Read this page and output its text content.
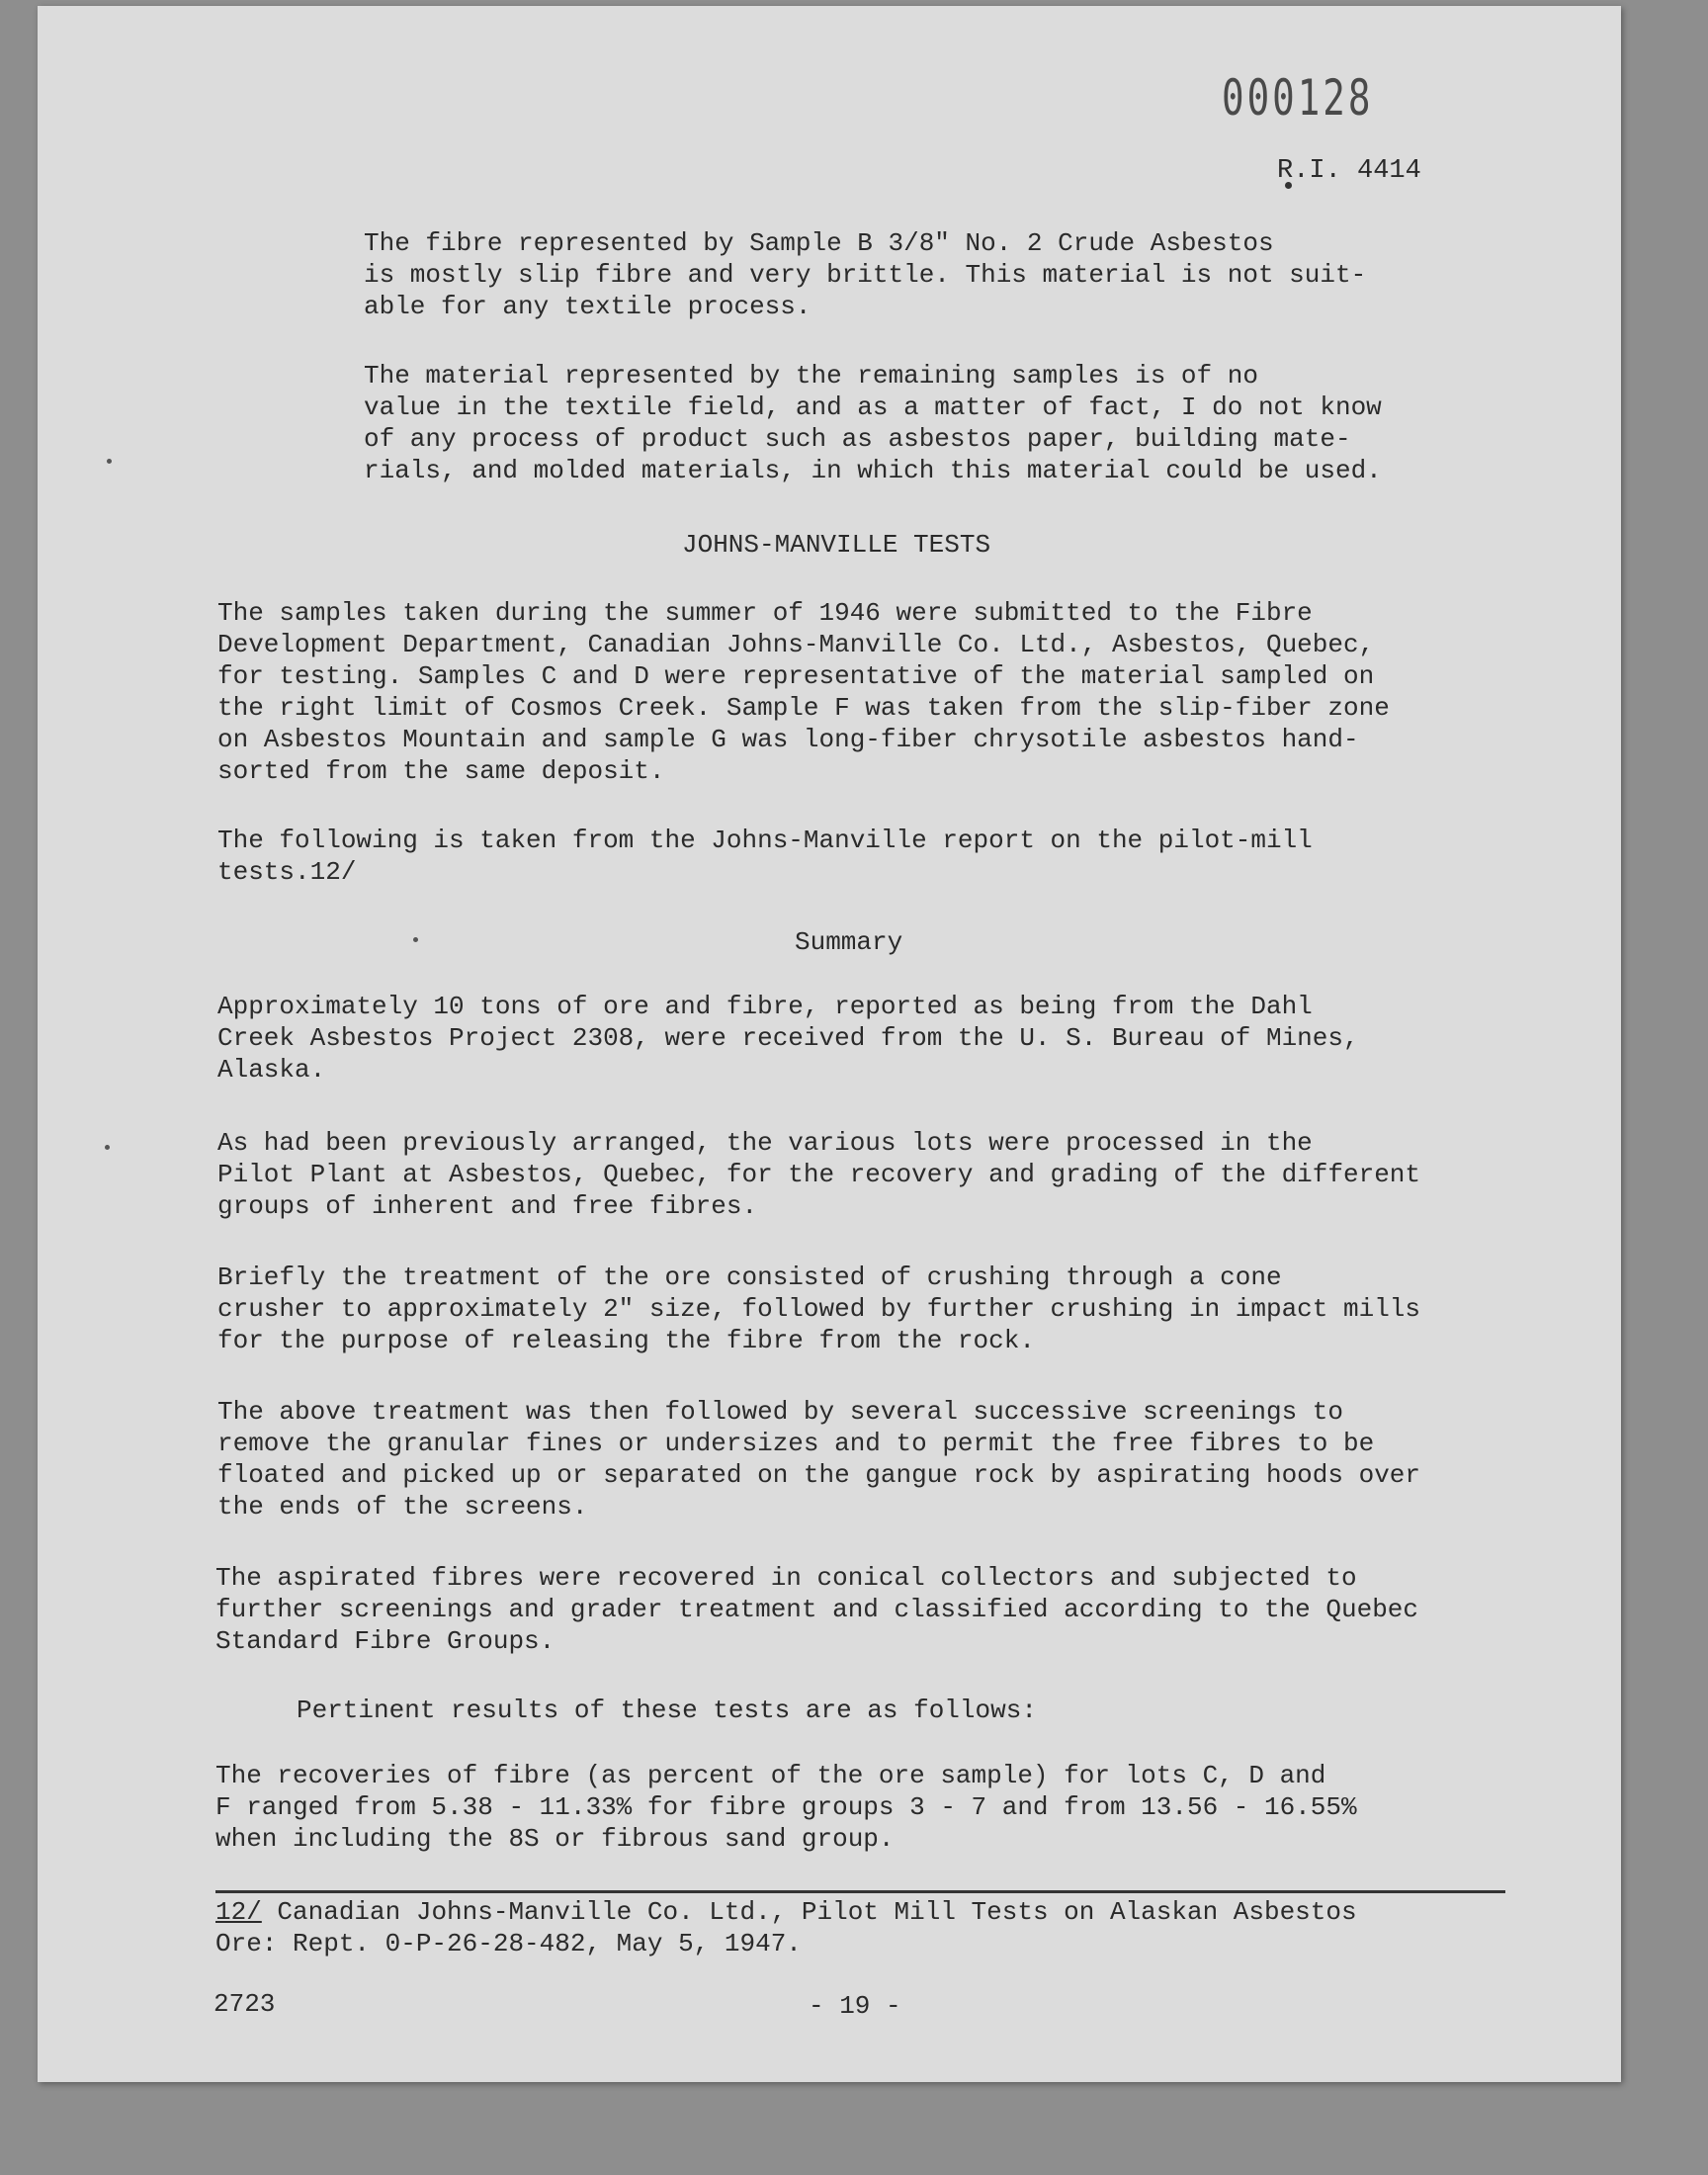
000128
R.I. 4414

The fibre represented by Sample B 3/8" No. 2 Crude Asbestos
is mostly slip fibre and very brittle. This material is not suit-
able for any textile process.

The material represented by the remaining samples is of no
value in the textile field, and as a matter of fact, I do not know
of any process of product such as asbestos paper, building mate-
rials, and molded materials, in which this material could be used.

JOHNS-MANVILLE TESTS

The samples taken during the summer of 1946 were submitted to the Fibre
Development Department, Canadian Johns-Manville Co. Ltd., Asbestos, Quebec,
for testing. Samples C and D were representative of the material sampled on
the right limit of Cosmos Creek. Sample F was taken from the slip-fiber zone
on Asbestos Mountain and sample G was long-fiber chrysotile asbestos hand-
sorted from the same deposit.

The following is taken from the Johns-Manville report on the pilot-mill
tests.12/

Summary

Approximately 10 tons of ore and fibre, reported as being from the Dahl
Creek Asbestos Project 2308, were received from the U. S. Bureau of Mines,
Alaska.

As had been previously arranged, the various lots were processed in the
Pilot Plant at Asbestos, Quebec, for the recovery and grading of the different
groups of inherent and free fibres.

Briefly the treatment of the ore consisted of crushing through a cone
crusher to approximately 2" size, followed by further crushing in impact mills
for the purpose of releasing the fibre from the rock.

The above treatment was then followed by several successive screenings to
remove the granular fines or undersizes and to permit the free fibres to be
floated and picked up or separated on the gangue rock by aspirating hoods over
the ends of the screens.

The aspirated fibres were recovered in conical collectors and subjected to
further screenings and grader treatment and classified according to the Quebec
Standard Fibre Groups.

Pertinent results of these tests are as follows:

The recoveries of fibre (as percent of the ore sample) for lots C, D and
F ranged from 5.38 - 11.33% for fibre groups 3 - 7 and from 13.56 - 16.55%
when including the 8S or fibrous sand group.

12/ Canadian Johns-Manville Co. Ltd., Pilot Mill Tests on Alaskan Asbestos
Ore: Rept. 0-P-26-28-482, May 5, 1947.

2723	- 19 -
